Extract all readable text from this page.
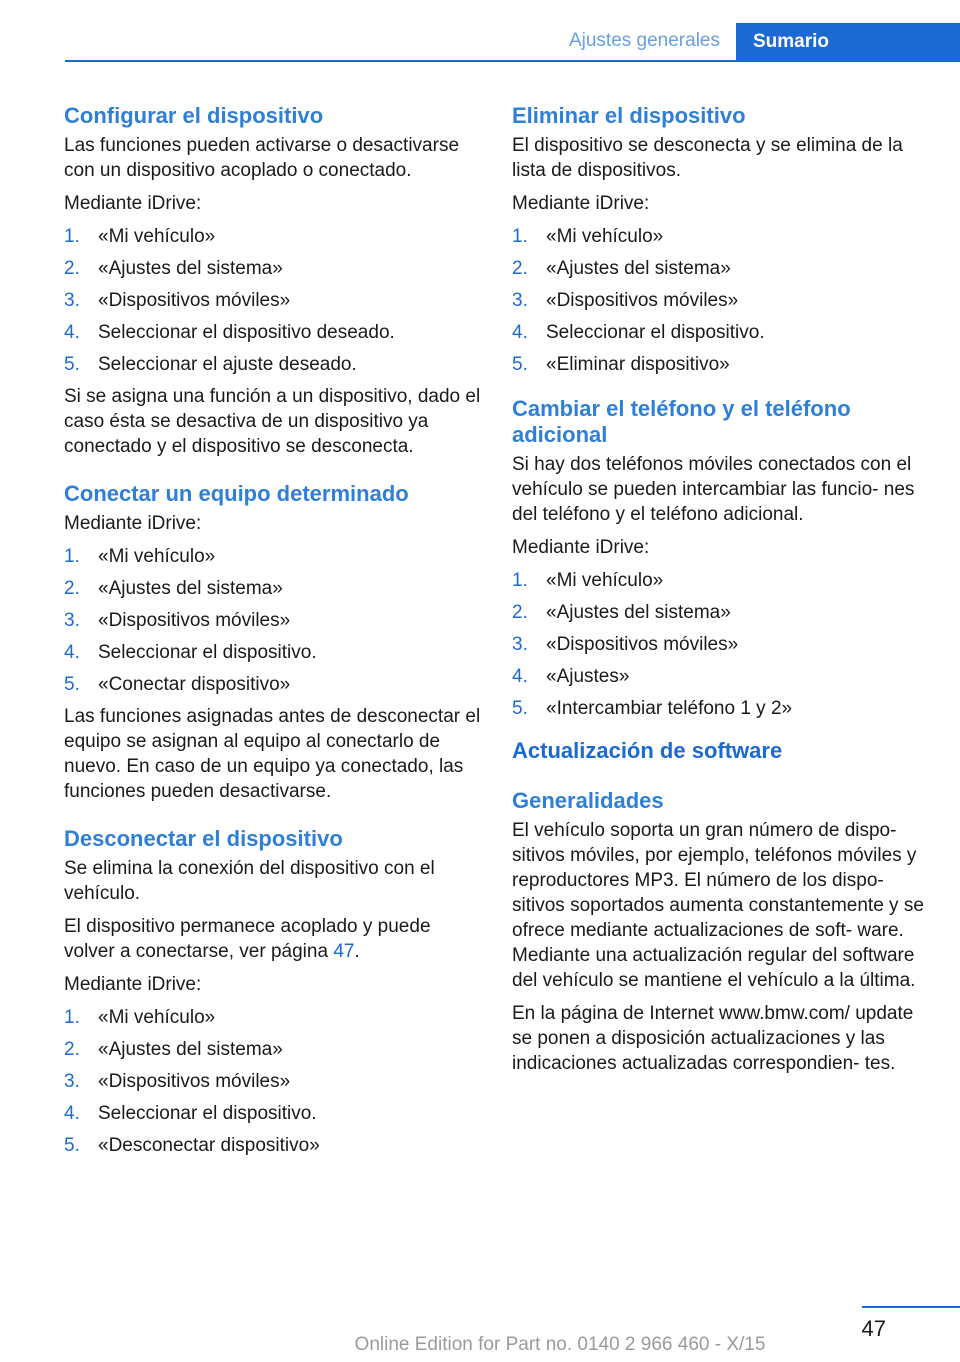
Ajustes generales Sumario
Configurar el dispositivo

Las funciones pueden activarse o desactivarse con un dispositivo acoplado o conectado.

Mediante iDrive:

1. «Mi vehículo»
2. «Ajustes del sistema»
3. «Dispositivos móviles»
4. Seleccionar el dispositivo deseado.
5. Seleccionar el ajuste deseado.

Si se asigna una función a un dispositivo, dado el caso ésta se desactiva de un dispositivo ya conectado y el dispositivo se desconecta.

Conectar un equipo determinado

Mediante iDrive:

1. «Mi vehículo»
2. «Ajustes del sistema»
3. «Dispositivos móviles»
4. Seleccionar el dispositivo.
5. «Conectar dispositivo»

Las funciones asignadas antes de desconectar el equipo se asignan al equipo al conectarlo de nuevo. En caso de un equipo ya conectado, las funciones pueden desactivarse.

Desconectar el dispositivo

Se elimina la conexión del dispositivo con el vehículo.

El dispositivo permanece acoplado y puede volver a conectarse, ver página 47.

Mediante iDrive:

1. «Mi vehículo»
2. «Ajustes del sistema»
3. «Dispositivos móviles»
4. Seleccionar el dispositivo.
5. «Desconectar dispositivo»
Eliminar el dispositivo

El dispositivo se desconecta y se elimina de la lista de dispositivos.

Mediante iDrive:

1. «Mi vehículo»
2. «Ajustes del sistema»
3. «Dispositivos móviles»
4. Seleccionar el dispositivo.
5. «Eliminar dispositivo»
Cambiar el teléfono y el teléfono adicional

Si hay dos teléfonos móviles conectados con el vehículo se pueden intercambiar las funcio‐ nes del teléfono y el teléfono adicional.

Mediante iDrive:

1. «Mi vehículo»
2. «Ajustes del sistema»
3. «Dispositivos móviles»
4. «Ajustes»
5. «Intercambiar teléfono 1 y 2»
Actualización de software
Generalidades

El vehículo soporta un gran número de dispo‐ sitivos móviles, por ejemplo, teléfonos móviles y reproductores MP3. El número de los dispo‐ sitivos soportados aumenta constantemente y se ofrece mediante actualizaciones de soft‐ ware. Mediante una actualización regular del software del vehículo se mantiene el vehículo a la última.

En la página de Internet www.bmw.com/ update se ponen a disposición actualizaciones y las indicaciones actualizadas correspondien‐ tes.

47
Online Edition for Part no. 0140 2 966 460 - X/15
